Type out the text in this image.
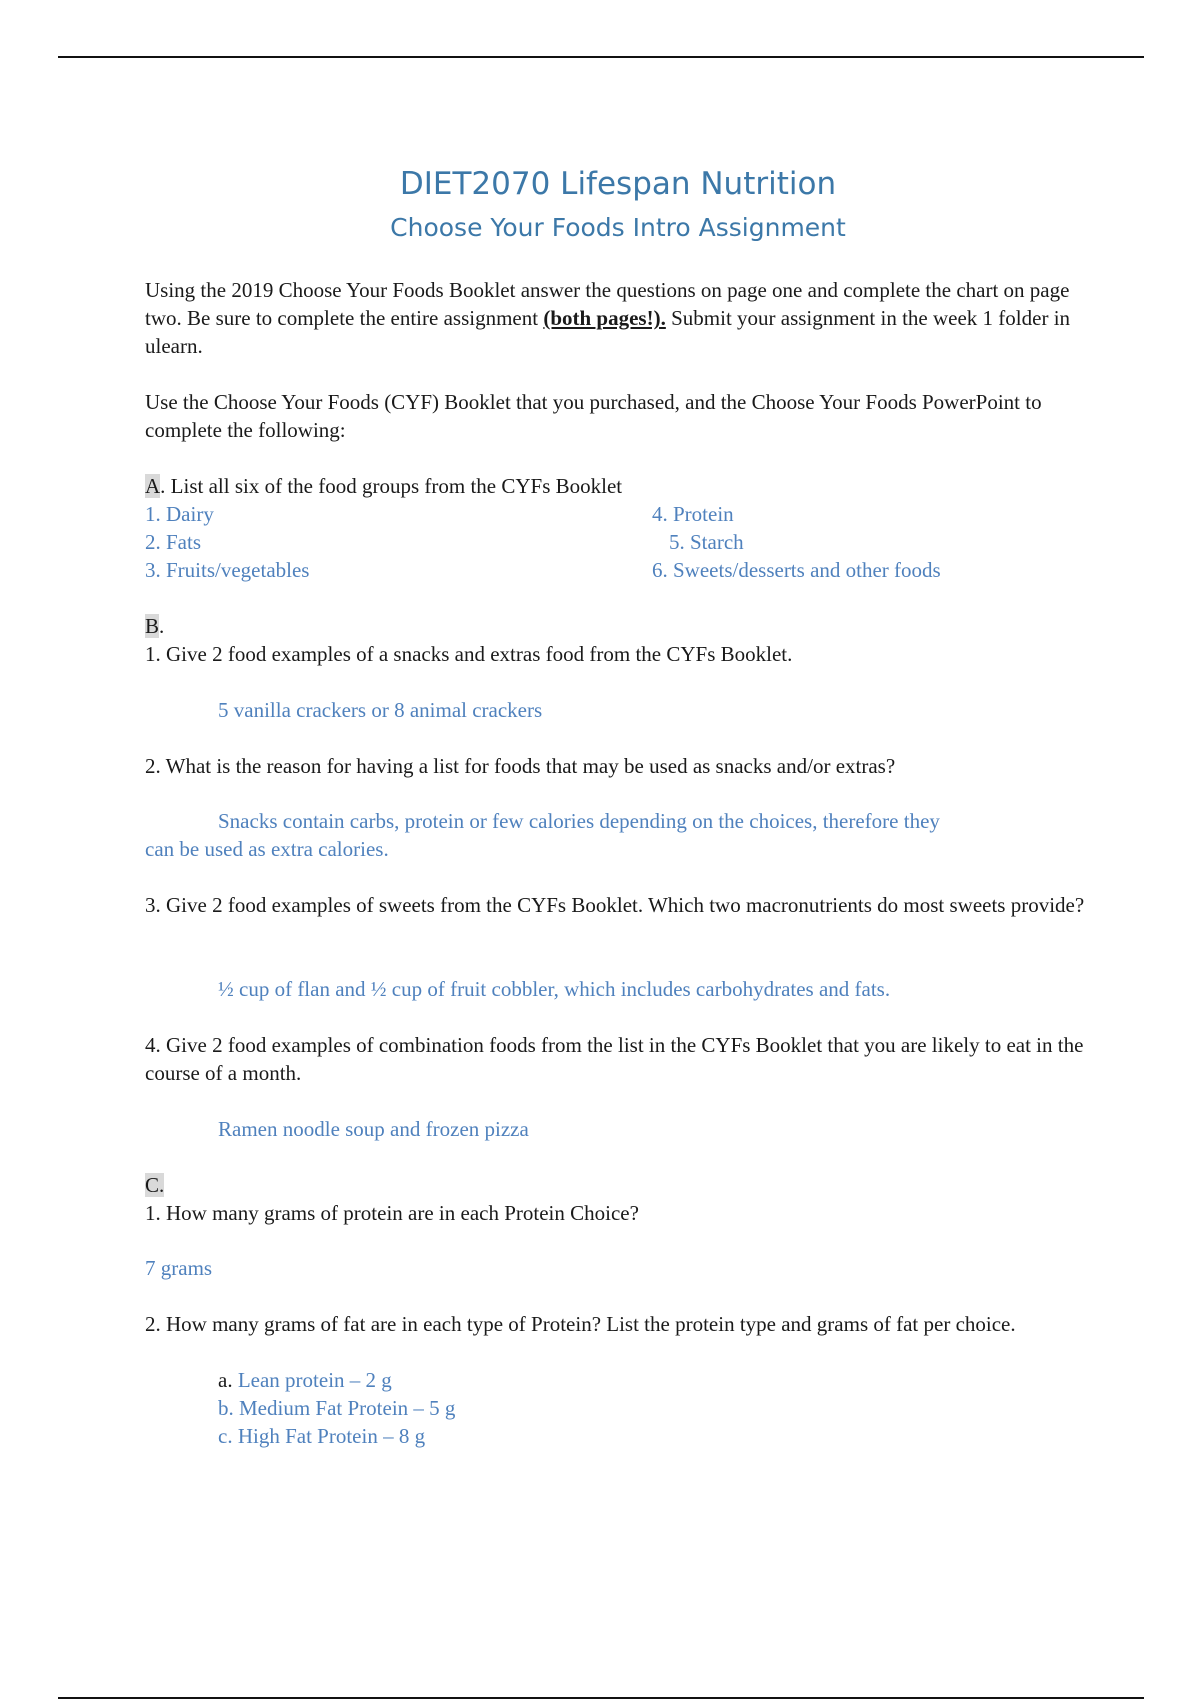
DIET2070 Lifespan Nutrition
Choose Your Foods Intro Assignment

Using the 2019 Choose Your Foods Booklet answer the questions on page one and complete the chart on page two. Be sure to complete the entire assignment (both pages!). Submit your assignment in the week 1 folder in ulearn.

Use the Choose Your Foods (CYF) Booklet that you purchased, and the Choose Your Foods PowerPoint to complete the following:

A. List all six of the food groups from the CYFs Booklet

1. Dairy
2. Fats
3. Fruits/vegetables
4. Protein
5. Starch
6. Sweets/desserts and other foods

B.

1. Give 2 food examples of a snacks and extras food from the CYFs Booklet.

5 vanilla crackers or 8 animal crackers

2. What is the reason for having a list for foods that may be used as snacks and/or extras?

Snacks contain carbs, protein or few calories depending on the choices, therefore they

can be used as extra calories.

3. Give 2 food examples of sweets from the CYFs Booklet. Which two macronutrients do most sweets provide?

½ cup of flan and ½ cup of fruit cobbler, which includes carbohydrates and fats.

4. Give 2 food examples of combination foods from the list in the CYFs Booklet that you are likely to eat in the course of a month.

Ramen noodle soup and frozen pizza

C.

1. How many grams of protein are in each Protein Choice?

7 grams

2. How many grams of fat are in each type of Protein? List the protein type and grams of fat per choice.

a. Lean protein – 2 g

b. Medium Fat Protein – 5 g

c. High Fat Protein – 8 g
